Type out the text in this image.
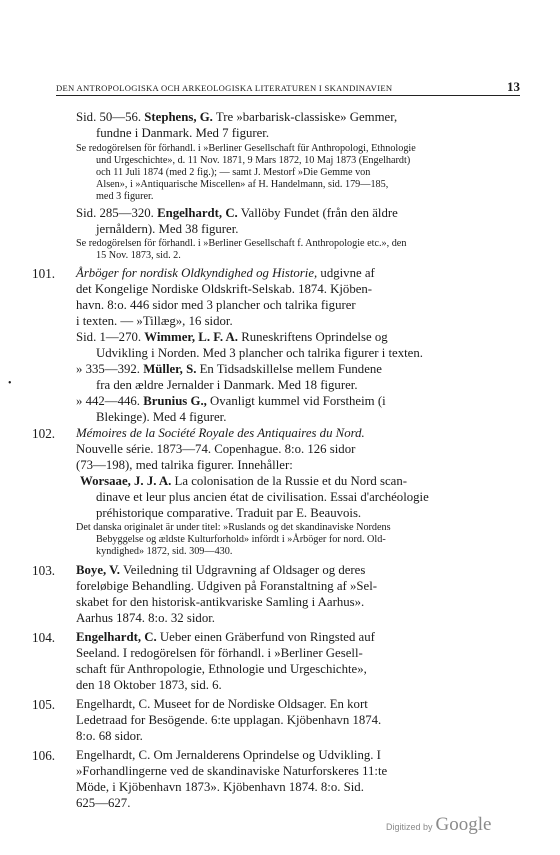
DEN ANTROPOLOGISKA OCH ARKEOLOGISKA LITERATUREN I SKANDINAVIEN	13
•
Sid. 50—56. Stephens, G. Tre »barbarisk-classiske» Gemmer,
fundne i Danmark. Med 7 figurer.
Se redogörelsen för förhandl. i »Berliner Gesellschaft für Anthropologi, Ethnologie
und Urgeschichte», d. 11 Nov. 1871, 9 Mars 1872, 10 Maj 1873 (Engelhardt)
och 11 Juli 1874 (med 2 fig.); — samt J. Mestorf »Die Gemme von
Alsen», i »Antiquarische Miscellen» af H. Handelmann, sid. 179—185,
med 3 figurer.
Sid. 285—320. Engelhardt, C. Vallöby Fundet (från den äldre
jernåldern). Med 38 figurer.
Se redogörelsen för förhandl. i »Berliner Gesellschaft f. Anthropologie etc.», den
15 Nov. 1873, sid. 2.
101. Årböger for nordisk Oldkyndighed og Historie, udgivne af
det Kongelige Nordiske Oldskrift-Selskab. 1874. Kjöben-
havn. 8:o. 446 sidor med 3 plancher och talrika figurer
i texten. — »Tillæg», 16 sidor.
Sid. 1—270. Wimmer, L. F. A. Runeskriftens Oprindelse og
Udvikling i Norden. Med 3 plancher och talrika figurer i texten.
» 335—392. Müller, S. En Tidsadskillelse mellem Fundene
fra den ældre Jernalder i Danmark. Med 18 figurer.
» 442—446. Brunius G., Ovanligt kummel vid Forstheim (i
Blekinge). Med 4 figurer.
102. Mémoires de la Société Royale des Antiquaires du Nord.
Nouvelle série. 1873—74. Copenhague. 8:o. 126 sidor
(73—198), med talrika figurer. Innehåller:
Worsaae, J. J. A. La colonisation de la Russie et du Nord scan-
dinave et leur plus ancien état de civilisation. Essai d'archéologie
préhistorique comparative. Traduit par E. Beauvois.
Det danska originalet är under titel: »Ruslands og det skandinaviske Nordens
Bebyggelse og ældste Kulturforhold» infördt i »Årböger for nord. Old-
kyndighed» 1872, sid. 309—430.
103. Boye, V. Veiledning til Udgravning af Oldsager og deres
foreløbige Behandling. Udgiven på Foranstaltning af »Sel-
skabet for den historisk-antikvariske Samling i Aarhus».
Aarhus 1874. 8:o. 32 sidor.
104. Engelhardt, C. Ueber einen Gräberfund von Ringsted auf
Seeland. I redogörelsen för förhandl. i »Berliner Gesell-
schaft für Anthropologie, Ethnologie und Urgeschichte»,
den 18 Oktober 1873, sid. 6.
105. Engelhardt, C. Museet for de Nordiske Oldsager. En kort
Ledetraad for Besögende. 6:te upplagan. Kjöbenhavn 1874.
8:o. 68 sidor.
106. Engelhardt, C. Om Jernalderens Oprindelse og Udvikling. I
»Forhandlingerne ved de skandinaviske Naturforskeres 11:te
Möde, i Kjöbenhavn 1873». Kjöbenhavn 1874. 8:o. Sid.
625—627.
Digitized by Google
